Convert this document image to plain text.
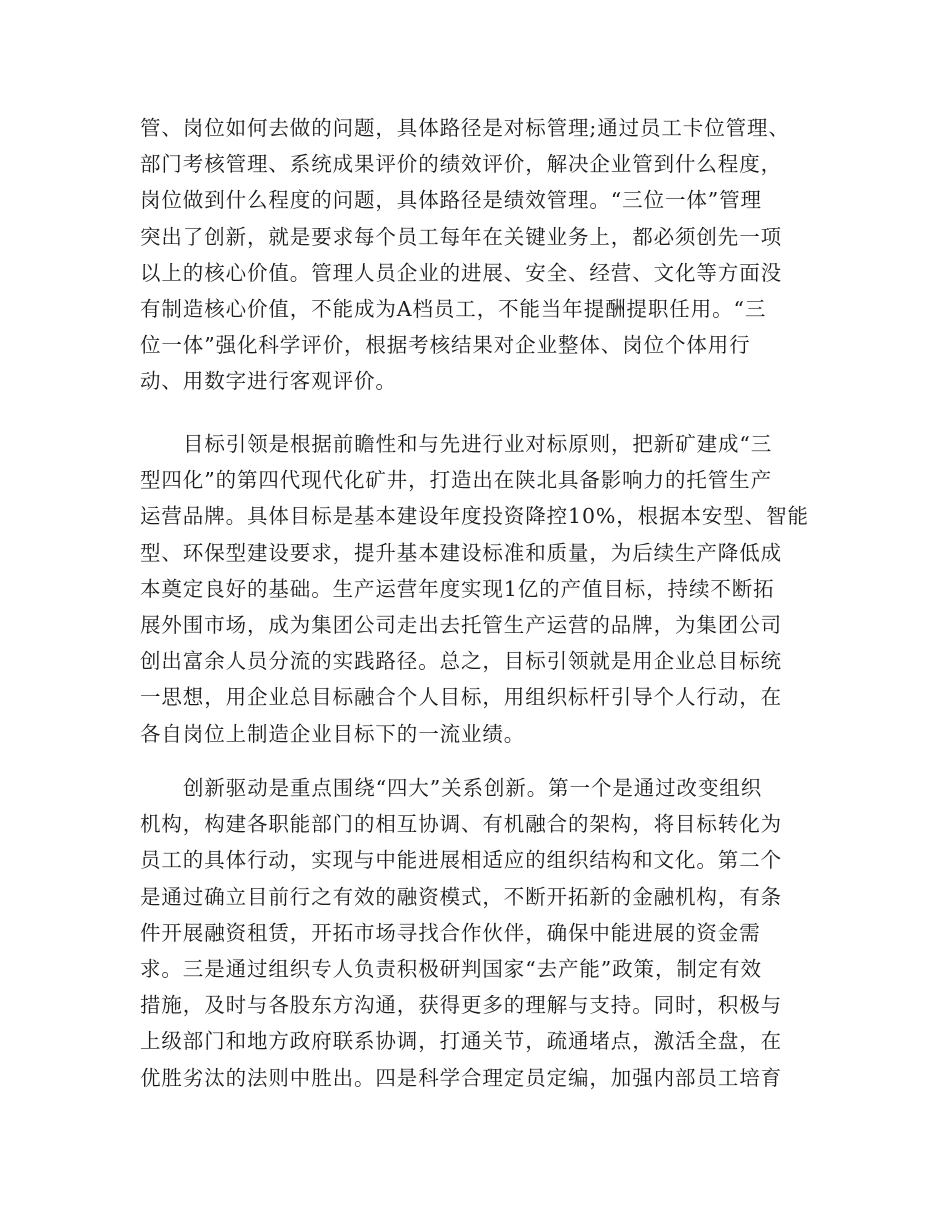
管、岗位如何去做的问题，具体路径是对标管理;通过员工卡位管理、
部门考核管理、系统成果评价的绩效评价，解决企业管到什么程度，
岗位做到什么程度的问题，具体路径是绩效管理。“三位一体”管理
突出了创新，就是要求每个员工每年在关键业务上，都必须创先一项
以上的核心价值。管理人员企业的进展、安全、经营、文化等方面没
有制造核心价值，不能成为A档员工，不能当年提酬提职任用。“三
位一体”强化科学评价，根据考核结果对企业整体、岗位个体用行
动、用数字进行客观评价。
目标引领是根据前瞻性和与先进行业对标原则，把新矿建成“三
型四化”的第四代现代化矿井，打造出在陕北具备影响力的托管生产
运营品牌。具体目标是基本建设年度投资降控10%，根据本安型、智能
型、环保型建设要求，提升基本建设标准和质量，为后续生产降低成
本奠定良好的基础。生产运营年度实现1亿的产值目标，持续不断拓
展外围市场，成为集团公司走出去托管生产运营的品牌，为集团公司
创出富余人员分流的实践路径。总之，目标引领就是用企业总目标统
一思想，用企业总目标融合个人目标，用组织标杆引导个人行动，在
各自岗位上制造企业目标下的一流业绩。
创新驱动是重点围绕“四大”关系创新。第一个是通过改变组织
机构，构建各职能部门的相互协调、有机融合的架构，将目标转化为
员工的具体行动，实现与中能进展相适应的组织结构和文化。第二个
是通过确立目前行之有效的融资模式，不断开拓新的金融机构，有条
件开展融资租赁，开拓市场寻找合作伙伴，确保中能进展的资金需
求。三是通过组织专人负责积极研判国家“去产能”政策，制定有效
措施，及时与各股东方沟通，获得更多的理解与支持。同时，积极与
上级部门和地方政府联系协调，打通关节，疏通堵点，激活全盘，在
优胜劣汰的法则中胜出。四是科学合理定员定编，加强内部员工培育
